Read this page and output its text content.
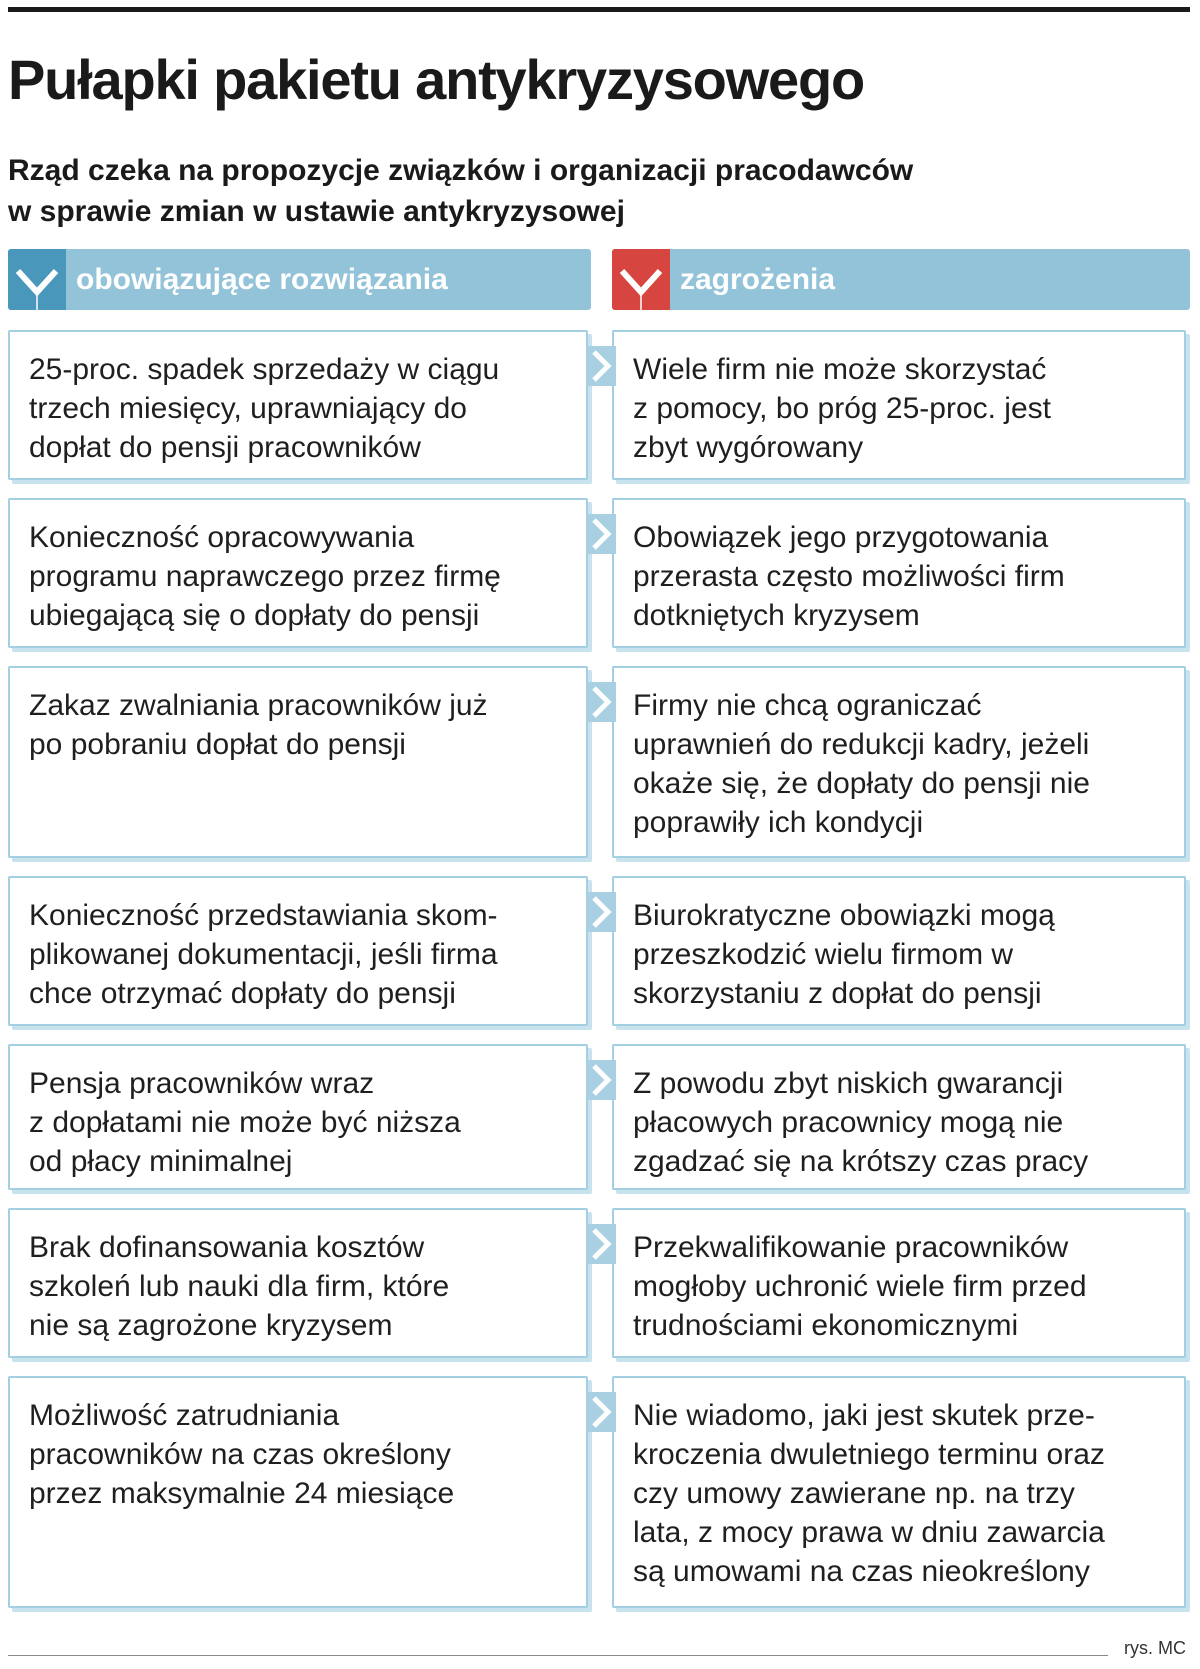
Pułapki pakietu antykryzysowego
Rząd czeka na propozycje związków i organizacji pracodawców
w sprawie zmian w ustawie antykryzysowej
obowiązujące rozwiązania	zagrożenia
25-proc. spadek sprzedaży w ciągu
trzech miesięcy, uprawniający do
dopłat do pensji pracowników
Wiele firm nie może skorzystać
z pomocy, bo próg 25-proc. jest
zbyt wygórowany
Konieczność opracowywania
programu naprawczego przez firmę
ubiegającą się o dopłaty do pensji
Obowiązek jego przygotowania
przerasta często możliwości firm
dotkniętych kryzysem
Zakaz zwalniania pracowników już
po pobraniu dopłat do pensji
Firmy nie chcą ograniczać
uprawnień do redukcji kadry, jeżeli
okaże się, że dopłaty do pensji nie
poprawiły ich kondycji
Konieczność przedstawiania skom-
plikowanej dokumentacji, jeśli firma
chce otrzymać dopłaty do pensji
Biurokratyczne obowiązki mogą
przeszkodzić wielu firmom w
skorzystaniu z dopłat do pensji
Pensja pracowników wraz
z dopłatami nie może być niższa
od płacy minimalnej
Z powodu zbyt niskich gwarancji
płacowych pracownicy mogą nie
zgadzać się na krótszy czas pracy
Brak dofinansowania kosztów
szkoleń lub nauki dla firm, które
nie są zagrożone kryzysem
Przekwalifikowanie pracowników
mogłoby uchronić wiele firm przed
trudnościami ekonomicznymi
Możliwość zatrudniania
pracowników na czas określony
przez maksymalnie 24 miesiące
Nie wiadomo, jaki jest skutek prze-
kroczenia dwuletniego terminu oraz
czy umowy zawierane np. na trzy
lata, z mocy prawa w dniu zawarcia
są umowami na czas nieokreślony
rys. MC
